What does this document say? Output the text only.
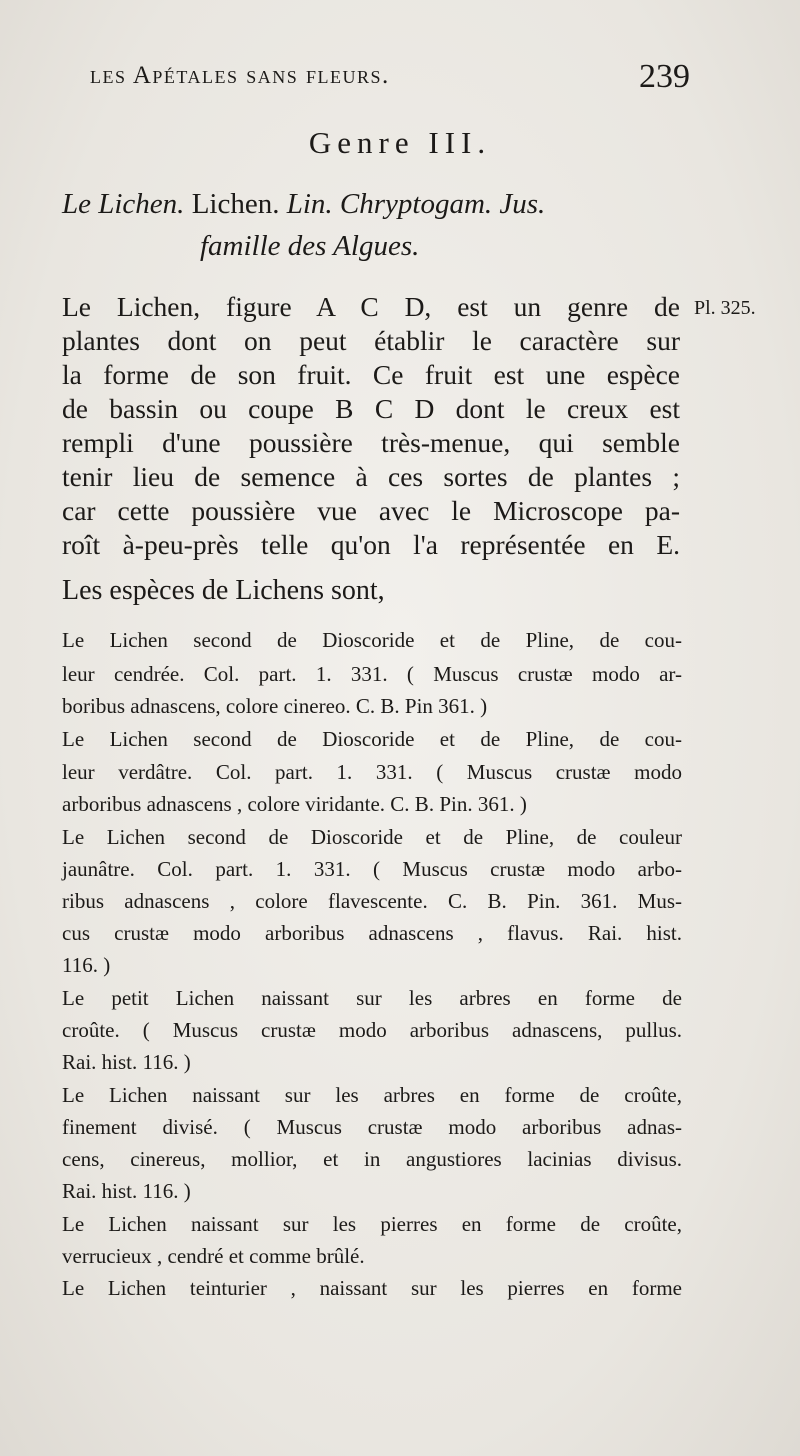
les Apétales sans fleurs.	239
Genre III.
Le Lichen. Lichen. Lin. Chryptogam. Jus.
famille des Algues.
Pl. 325.
Le Lichen, figure A C D, est un genre de
plantes dont on peut établir le caractère sur
la forme de son fruit. Ce fruit est une espèce
de bassin ou coupe B C D dont le creux est
rempli d'une poussière très-menue, qui semble
tenir lieu de semence à ces sortes de plantes ;
car cette poussière vue avec le Microscope pa-
roît à-peu-près telle qu'on l'a représentée en E.
Les espèces de Lichens sont,
Le Lichen second de Dioscoride et de Pline, de cou-
leur cendrée. Col. part. 1. 331. ( Muscus crustæ modo ar-
boribus adnascens, colore cinereo. C. B. Pin 361. )
Le Lichen second de Dioscoride et de Pline, de cou-
leur verdâtre. Col. part. 1. 331. ( Muscus crustæ modo
arboribus adnascens , colore viridante. C. B. Pin. 361. )
Le Lichen second de Dioscoride et de Pline, de couleur
jaunâtre. Col. part. 1. 331. ( Muscus crustæ modo arbo-
ribus adnascens , colore flavescente. C. B. Pin. 361. Mus-
cus crustæ modo arboribus adnascens , flavus. Rai. hist.
116. )
Le petit Lichen naissant sur les arbres en forme de
croûte. ( Muscus crustæ modo arboribus adnascens, pullus.
Rai. hist. 116. )
Le Lichen naissant sur les arbres en forme de croûte,
finement divisé. ( Muscus crustæ modo arboribus adnas-
cens, cinereus, mollior, et in angustiores lacinias divisus.
Rai. hist. 116. )
Le Lichen naissant sur les pierres en forme de croûte,
verrucieux , cendré et comme brûlé.
Le Lichen teinturier , naissant sur les pierres en forme
